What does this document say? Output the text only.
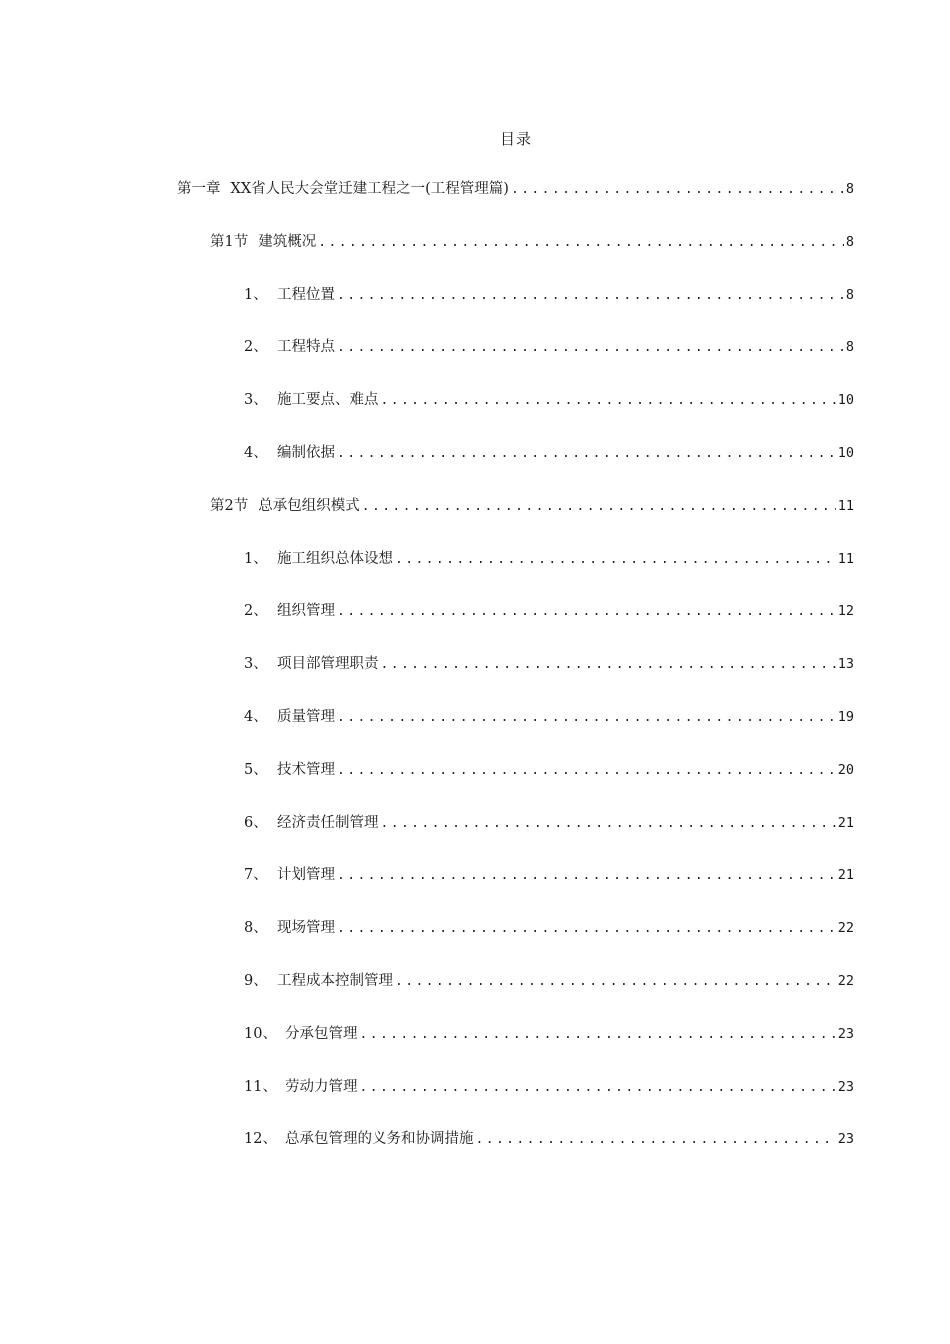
目录
第一章 XX省人民大会堂迁建工程之一(工程管理篇) .....	8
第1节 建筑概况 .....	8
1、 工程位置 .....	8
2、 工程特点 .....	8
3、 施工要点、难点 .....	10
4、 编制依据 .....	10
第2节 总承包组织模式 .....	11
1、 施工组织总体设想 .....	11
2、 组织管理 .....	12
3、 项目部管理职责 .....	13
4、 质量管理 .....	19
5、 技术管理 .....	20
6、 经济责任制管理 .....	21
7、 计划管理 .....	21
8、 现场管理 .....	22
9、 工程成本控制管理 .....	22
10、 分承包管理 .....	23
11、 劳动力管理 .....	23
12、 总承包管理的义务和协调措施 .....	23
